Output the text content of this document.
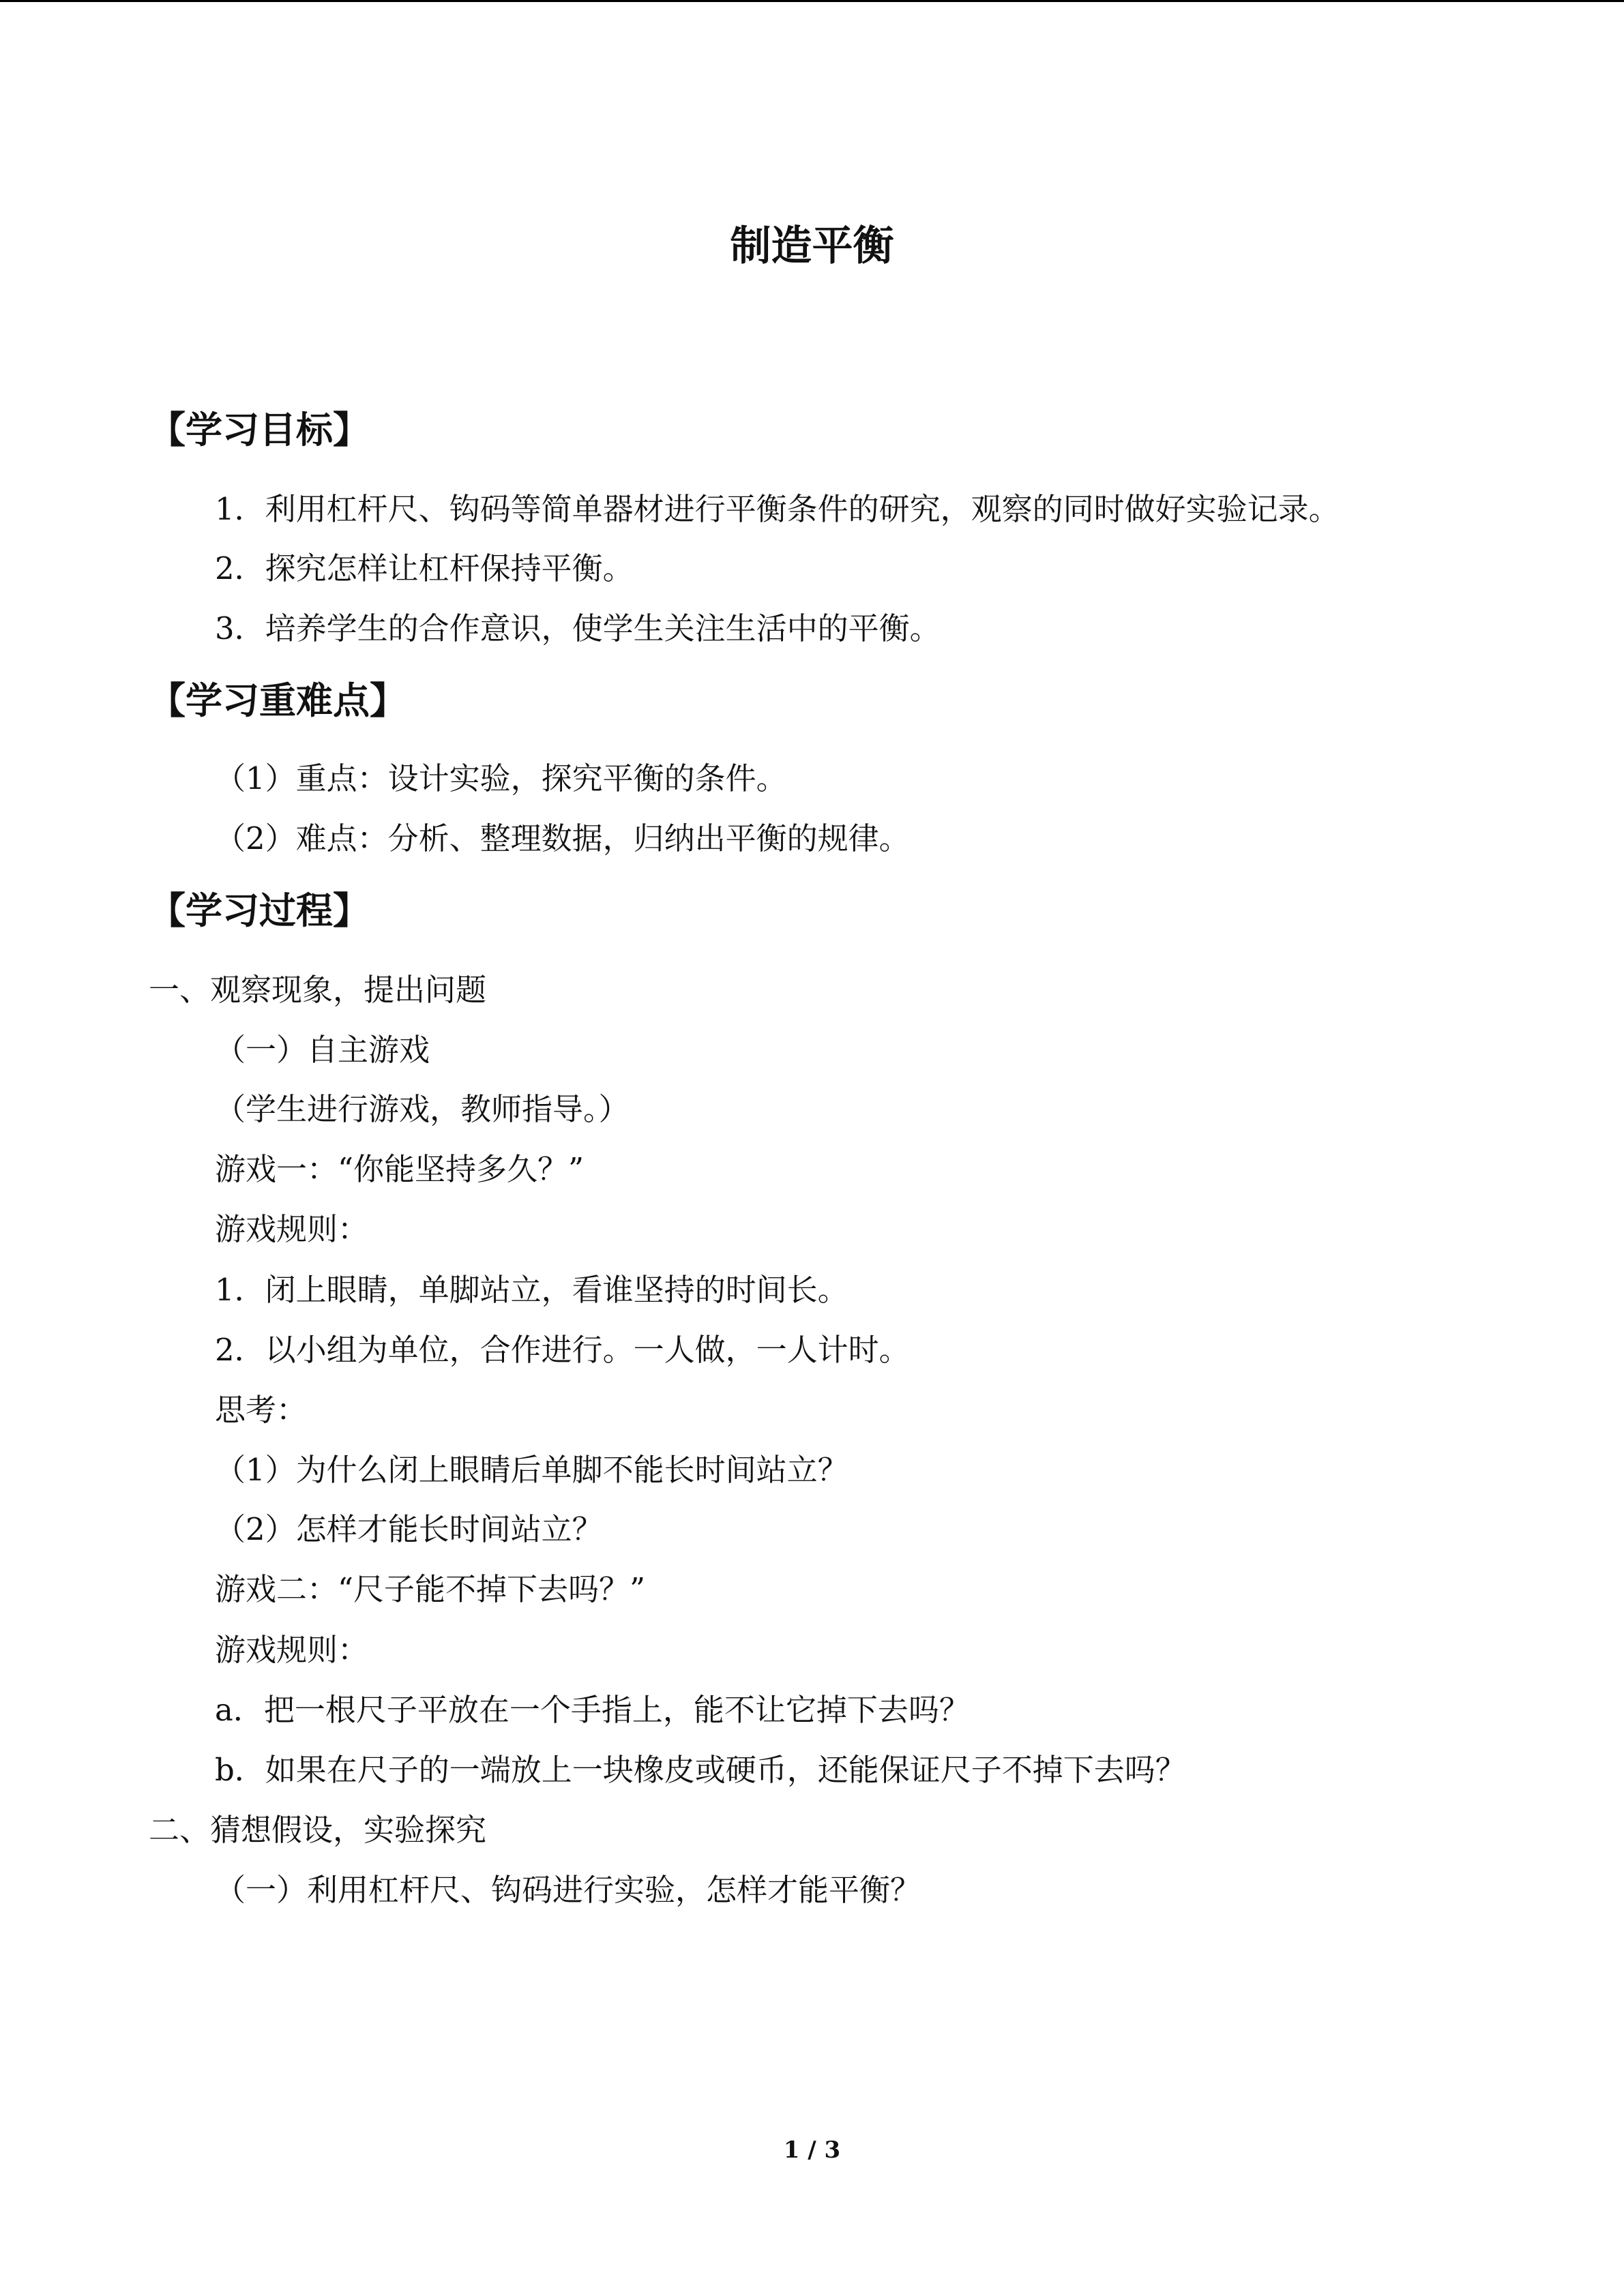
制造平衡
【学习目标】

1．利用杠杆尺、钩码等简单器材进行平衡条件的研究，观察的同时做好实验记录。

2．探究怎样让杠杆保持平衡。

3．培养学生的合作意识，使学生关注生活中的平衡。

【学习重难点】

（1）重点：设计实验，探究平衡的条件。

（2）难点：分析、整理数据，归纳出平衡的规律。

【学习过程】

一、观察现象，提出问题

（一）自主游戏

（学生进行游戏，教师指导。）

游戏一：“你能坚持多久？”

游戏规则：

1．闭上眼睛，单脚站立，看谁坚持的时间长。

2．以小组为单位，合作进行。一人做，一人计时。

思考：

（1）为什么闭上眼睛后单脚不能长时间站立？

（2）怎样才能长时间站立？

游戏二：“尺子能不掉下去吗？”

游戏规则：

a．把一根尺子平放在一个手指上，能不让它掉下去吗？

b．如果在尺子的一端放上一块橡皮或硬币，还能保证尺子不掉下去吗？

二、猜想假设，实验探究

（一）利用杠杆尺、钩码进行实验，怎样才能平衡？

1 / 3
